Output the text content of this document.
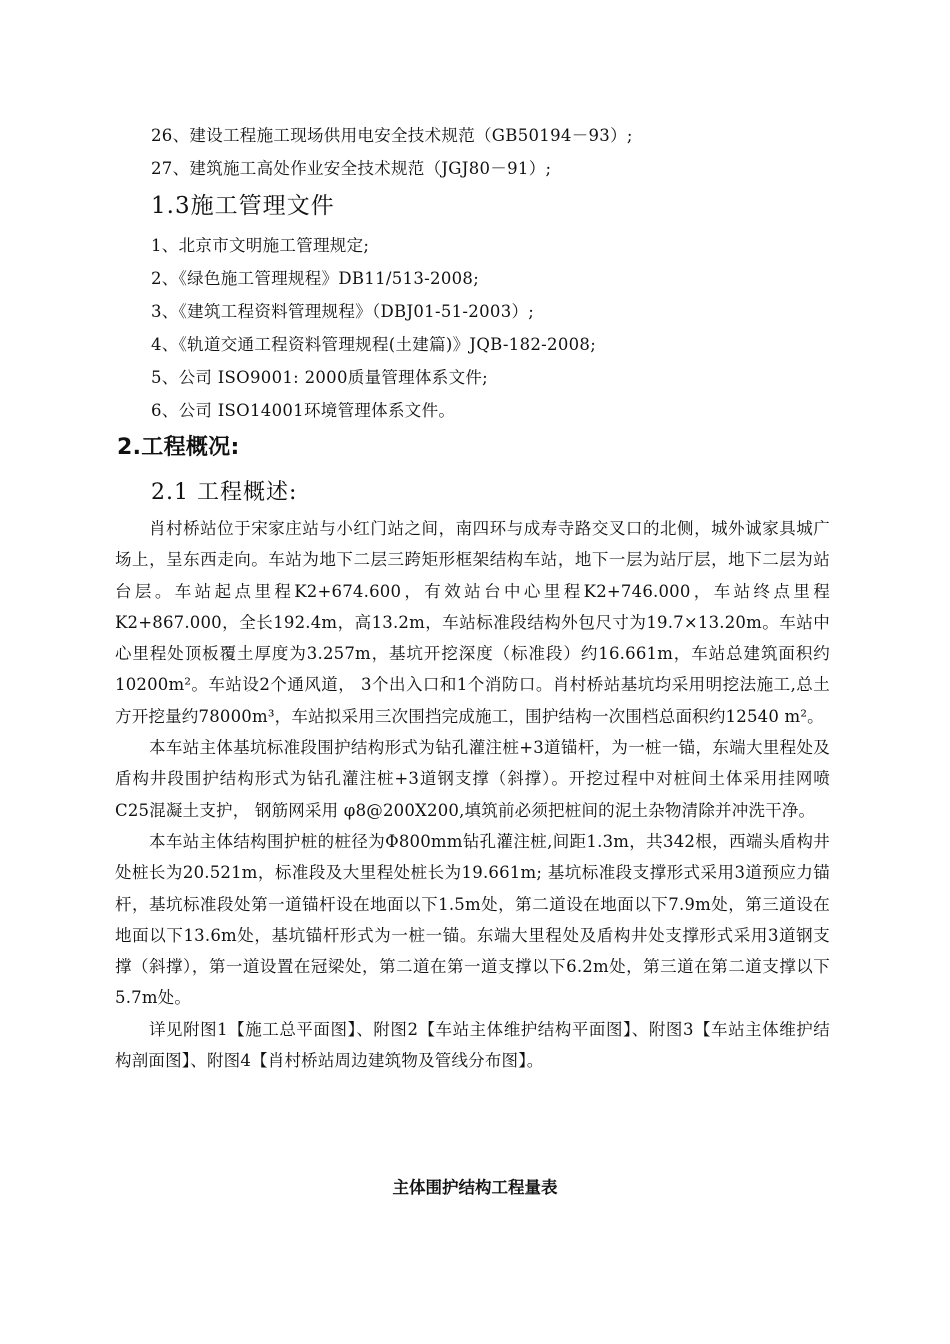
26、建设工程施工现场供用电安全技术规范（GB50194－93）;
27、建筑施工高处作业安全技术规范（JGJ80－91）;
1.3施工管理文件
1、北京市文明施工管理规定;
2、《绿色施工管理规程》DB11/513-2008;
3、《建筑工程资料管理规程》（DBJ01-51-2003）;
4、《轨道交通工程资料管理规程(土建篇)》JQB-182-2008;
5、公司 ISO9001: 2000质量管理体系文件;
6、公司 ISO14001环境管理体系文件。
2.工程概况:
2.1 工程概述:

肖村桥站位于宋家庄站与小红门站之间，南四环与成寿寺路交叉口的北侧，城外诚家具城广场上，呈东西走向。车站为地下二层三跨矩形框架结构车站，地下一层为站厅层，地下二层为站台层。车站起点里程K2+674.600，有效站台中心里程K2+746.000，车站终点里程K2+867.000，全长192.4m，高13.2m，车站标准段结构外包尺寸为19.7×13.20m。车站中心里程处顶板覆土厚度为3.257m，基坑开挖深度（标准段）约16.661m，车站总建筑面积约10200m²。车站设2个通风道， 3个出入口和1个消防口。肖村桥站基坑均采用明挖法施工,总土方开挖量约78000m³，车站拟采用三次围挡完成施工，围护结构一次围档总面积约12540 m²。

本车站主体基坑标准段围护结构形式为钻孔灌注桩+3道锚杆，为一桩一锚，东端大里程处及盾构井段围护结构形式为钻孔灌注桩+3道钢支撑（斜撑）。开挖过程中对桩间土体采用挂网喷C25混凝土支护， 钢筋网采用 φ8@200X200,填筑前必须把桩间的泥土杂物清除并冲洗干净。

本车站主体结构围护桩的桩径为Φ800mm钻孔灌注桩,间距1.3m，共342根，西端头盾构井处桩长为20.521m，标准段及大里程处桩长为19.661m; 基坑标准段支撑形式采用3道预应力锚杆，基坑标准段处第一道锚杆设在地面以下1.5m处，第二道设在地面以下7.9m处，第三道设在地面以下13.6m处，基坑锚杆形式为一桩一锚。东端大里程处及盾构井处支撑形式采用3道钢支撑（斜撑），第一道设置在冠梁处，第二道在第一道支撑以下6.2m处，第三道在第二道支撑以下5.7m处。

详见附图1【施工总平面图】、附图2【车站主体维护结构平面图】、附图3【车站主体维护结构剖面图】、附图4【肖村桥站周边建筑物及管线分布图】。

主体围护结构工程量表
